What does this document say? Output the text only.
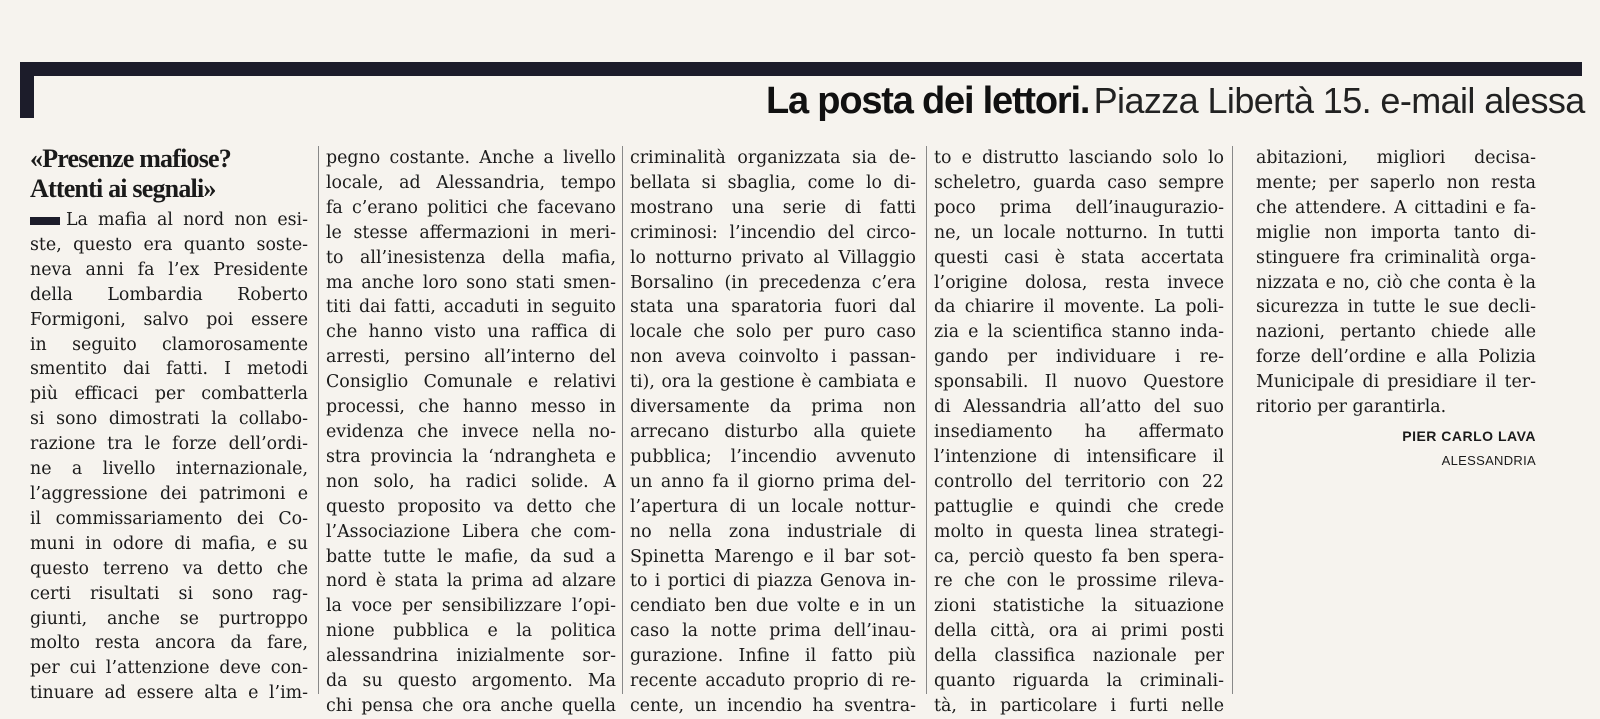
La posta dei lettori. Piazza Libertà 15. e-mail alessa
«Presenze mafiose?
Attenti ai segnali»
La mafia al nord non esi-
ste, questo era quanto soste-
neva anni fa l’ex Presidente
della Lombardia Roberto
Formigoni, salvo poi essere
in seguito clamorosamente
smentito dai fatti. I metodi
più efficaci per combatterla
si sono dimostrati la collabo-
razione tra le forze dell’ordi-
ne a livello internazionale,
l’aggressione dei patrimoni e
il commissariamento dei Co-
muni in odore di mafia, e su
questo terreno va detto che
certi risultati si sono rag-
giunti, anche se purtroppo
molto resta ancora da fare,
per cui l’attenzione deve con-
tinuare ad essere alta e l’im-
pegno costante. Anche a livello
locale, ad Alessandria, tempo
fa c’erano politici che facevano
le stesse affermazioni in meri-
to all’inesistenza della mafia,
ma anche loro sono stati smen-
titi dai fatti, accaduti in seguito
che hanno visto una raffica di
arresti, persino all’interno del
Consiglio Comunale e relativi
processi, che hanno messo in
evidenza che invece nella no-
stra provincia la ‘ndrangheta e
non solo, ha radici solide. A
questo proposito va detto che
l’Associazione Libera che com-
batte tutte le mafie, da sud a
nord è stata la prima ad alzare
la voce per sensibilizzare l’opi-
nione pubblica e la politica
alessandrina inizialmente sor-
da su questo argomento. Ma
chi pensa che ora anche quella
criminalità organizzata sia de-
bellata si sbaglia, come lo di-
mostrano una serie di fatti
criminosi: l’incendio del circo-
lo notturno privato al Villaggio
Borsalino (in precedenza c’era
stata una sparatoria fuori dal
locale che solo per puro caso
non aveva coinvolto i passan-
ti), ora la gestione è cambiata e
diversamente da prima non
arrecano disturbo alla quiete
pubblica; l’incendio avvenuto
un anno fa il giorno prima del-
l’apertura di un locale nottur-
no nella zona industriale di
Spinetta Marengo e il bar sot-
to i portici di piazza Genova in-
cendiato ben due volte e in un
caso la notte prima dell’inau-
gurazione. Infine il fatto più
recente accaduto proprio di re-
cente, un incendio ha sventra-
to e distrutto lasciando solo lo
scheletro, guarda caso sempre
poco prima dell’inaugurazio-
ne, un locale notturno. In tutti
questi casi è stata accertata
l’origine dolosa, resta invece
da chiarire il movente. La poli-
zia e la scientifica stanno inda-
gando per individuare i re-
sponsabili. Il nuovo Questore
di Alessandria all’atto del suo
insediamento ha affermato
l’intenzione di intensificare il
controllo del territorio con 22
pattuglie e quindi che crede
molto in questa linea strategi-
ca, perciò questo fa ben spera-
re che con le prossime rileva-
zioni statistiche la situazione
della città, ora ai primi posti
della classifica nazionale per
quanto riguarda la criminali-
tà, in particolare i furti nelle
abitazioni, migliori decisa-
mente; per saperlo non resta
che attendere. A cittadini e fa-
miglie non importa tanto di-
stinguere fra criminalità orga-
nizzata e no, ciò che conta è la
sicurezza in tutte le sue decli-
nazioni, pertanto chiede alle
forze dell’ordine e alla Polizia
Municipale di presidiare il ter-
ritorio per garantirla.
PIER CARLO LAVA
ALESSANDRIA
